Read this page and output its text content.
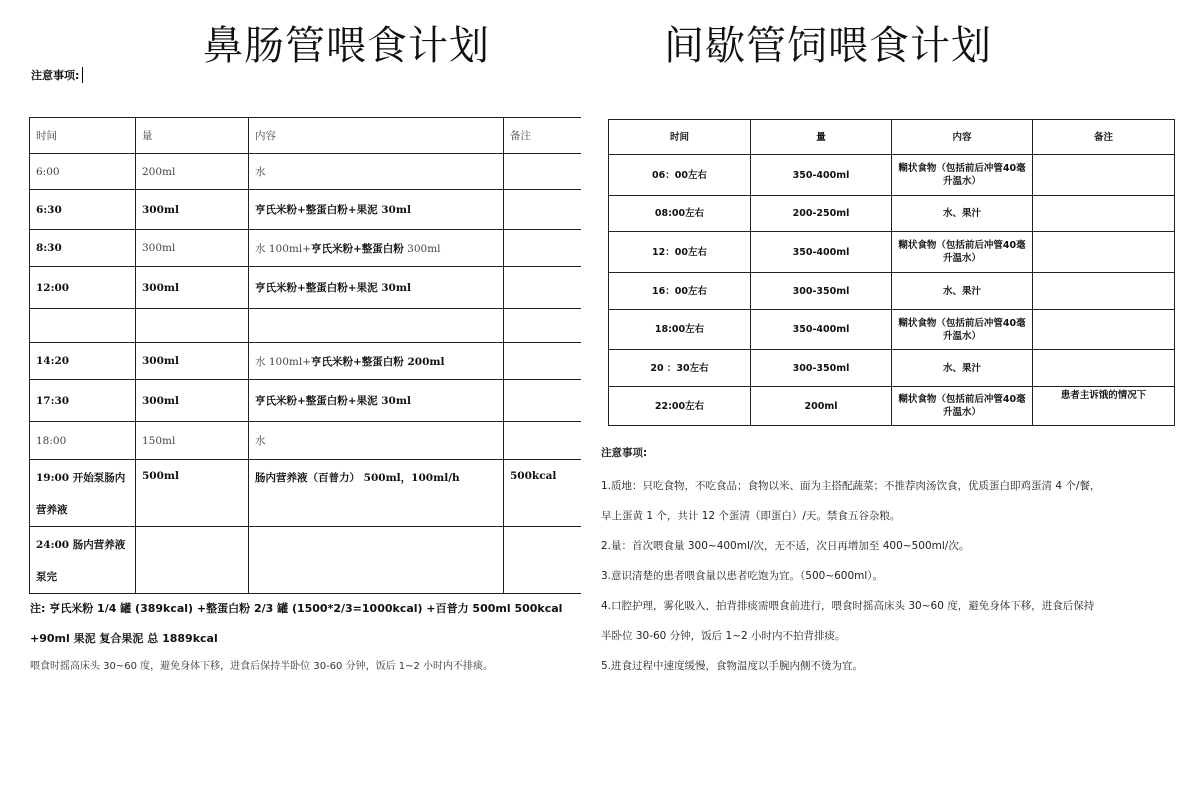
鼻肠管喂食计划
注意事项:
时间	量	内容	备注
6:00	200ml	水	
6:30	300ml	亨氏米粉+整蛋白粉+果泥 30ml	
8:30	300ml	水 100ml+亨氏米粉+整蛋白粉 300ml	
12:00	300ml	亨氏米粉+整蛋白粉+果泥 30ml	

14:20	300ml	水 100ml+亨氏米粉+整蛋白粉 200ml	
17:30	300ml	亨氏米粉+整蛋白粉+果泥 30ml	
18:00	150ml	水	
19:00 开始泵肠内营养液	500ml	肠内营养液（百普力） 500ml，100ml/h	500kcal
24:00 肠内营养液泵完			
注: 亨氏米粉 1/4 罐 (389kcal) +整蛋白粉 2/3 罐 (1500*2/3=1000kcal) +百普力 500ml 500kcal
+90ml 果泥 复合果泥 总 1889kcal
喂食时摇高床头 30~60 度，避免身体下移，进食后保持半卧位 30-60 分钟，饭后 1~2 小时内不排痰。
间歇管饲喂食计划
时间	量	内容	备注
06：00左右	350-400ml	糊状食物（包括前后冲管40毫升温水）	
08:00左右	200-250ml	水、果汁	
12：00左右	350-400ml	糊状食物（包括前后冲管40毫升温水）	
16：00左右	300-350ml	水、果汁	
18:00左右	350-400ml	糊状食物（包括前后冲管40毫升温水）	
20 ：30左右	300-350ml	水、果汁	
22:00左右	200ml	糊状食物（包括前后冲管40毫升温水）	患者主诉饿的情况下
注意事项:

1.质地：只吃食物，不吃食品；食物以米、面为主搭配蔬菜；不推荐肉汤饮食，优质蛋白即鸡蛋清 4 个/餐，

早上蛋黄 1 个，共计 12 个蛋清（即蛋白）/天。禁食五谷杂粮。

2.量：首次喂食量 300~400ml/次，无不适，次日再增加至 400~500ml/次。

3.意识清楚的患者喂食量以患者吃饱为宜。（500~600ml）。

4.口腔护理，雾化吸入，拍背排痰需喂食前进行，喂食时摇高床头 30~60 度，避免身体下移，进食后保持

半卧位 30-60 分钟，饭后 1~2 小时内不拍背排痰。

5.进食过程中速度缓慢，食物温度以手腕内侧不烫为宜。
